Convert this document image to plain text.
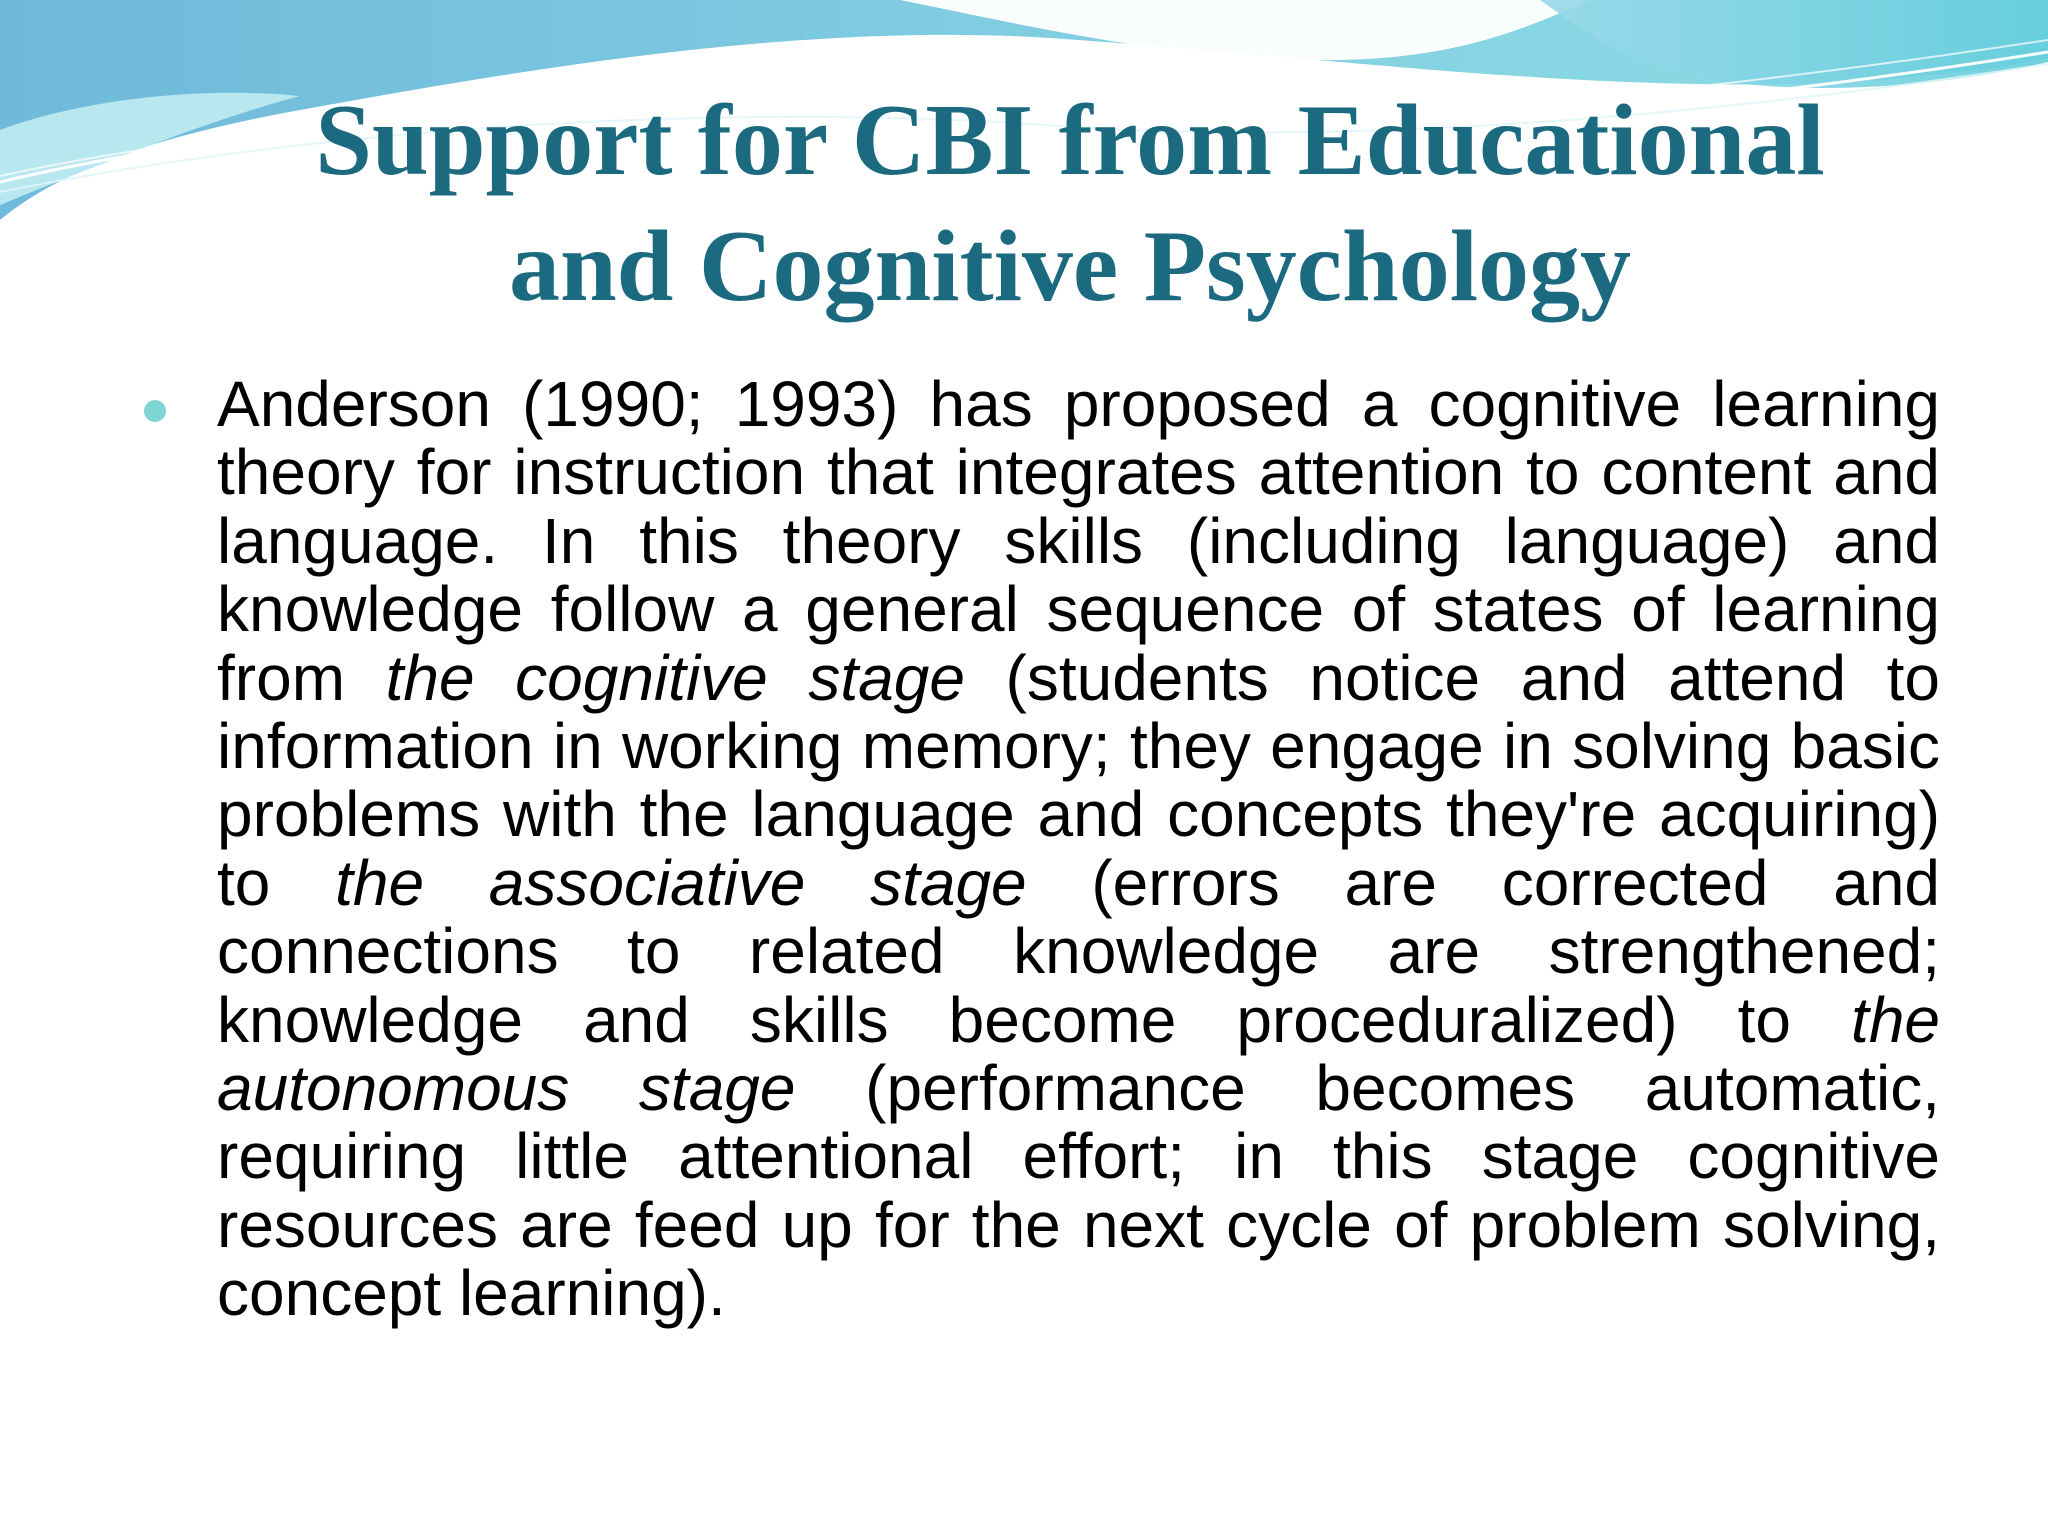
Support for CBI from Educational
and Cognitive Psychology

Anderson (1990; 1993) has proposed a cognitive learning theory for instruction that integrates attention to content and language. In this theory skills (including language) and knowledge follow a general sequence of states of learning from the cognitive stage (students notice and attend to information in working memory; they engage in solving basic problems with the language and concepts they're acquiring) to the associative stage (errors are corrected and connections to related knowledge are strengthened; knowledge and skills become proceduralized) to the autonomous stage (performance becomes automatic, requiring little attentional effort; in this stage cognitive resources are feed up for the next cycle of problem solving, concept learning).
